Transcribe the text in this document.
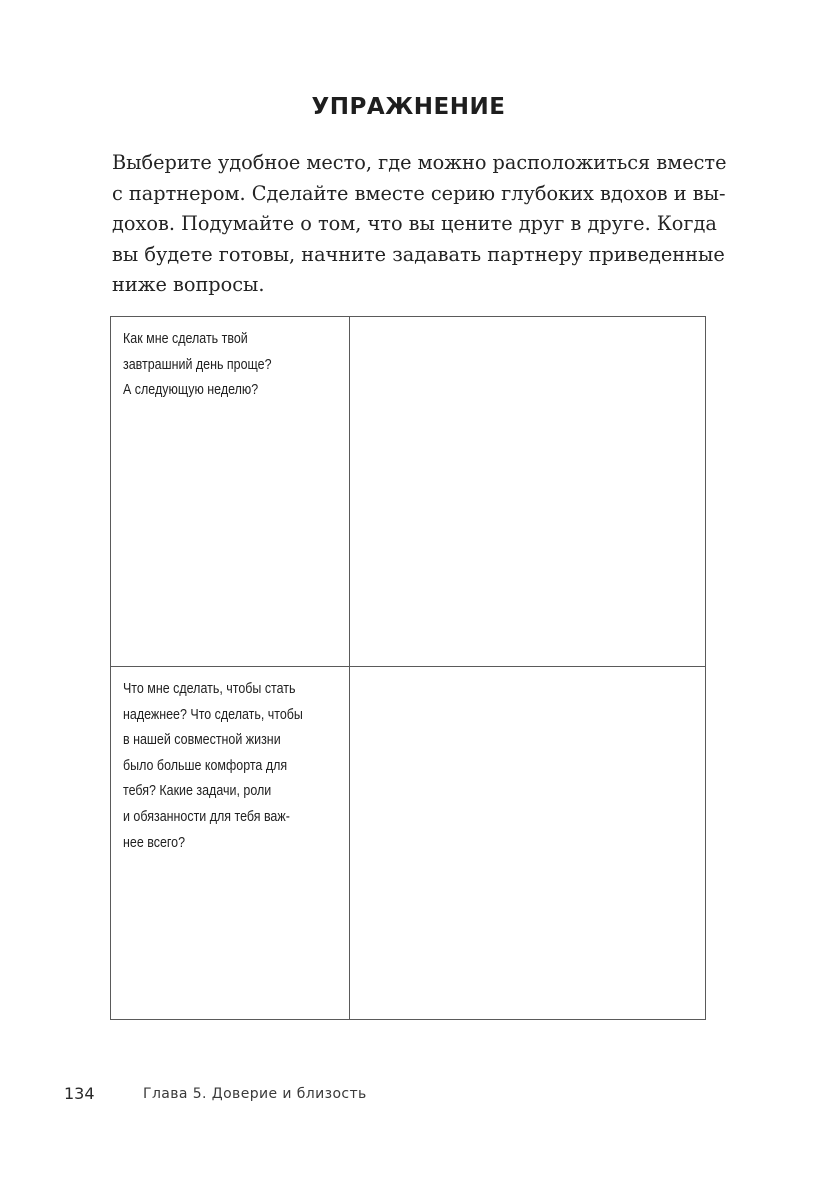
УПРАЖНЕНИЕ

Выберите удобное место, где можно расположиться вместе
с партнером. Сделайте вместе серию глубоких вдохов и вы-
дохов. Подумайте о том, что вы цените друг в друге. Когда
вы будете готовы, начните задавать партнеру приведенные
ниже вопросы.

Как мне сделать твой
завтрашний день проще?
А следующую неделю?

Что мне сделать, чтобы стать
надежнее? Что сделать, чтобы
в нашей совместной жизни
было больше комфорта для
тебя? Какие задачи, роли
и обязанности для тебя важ-
нее всего?

134	Глава 5. Доверие и близость
